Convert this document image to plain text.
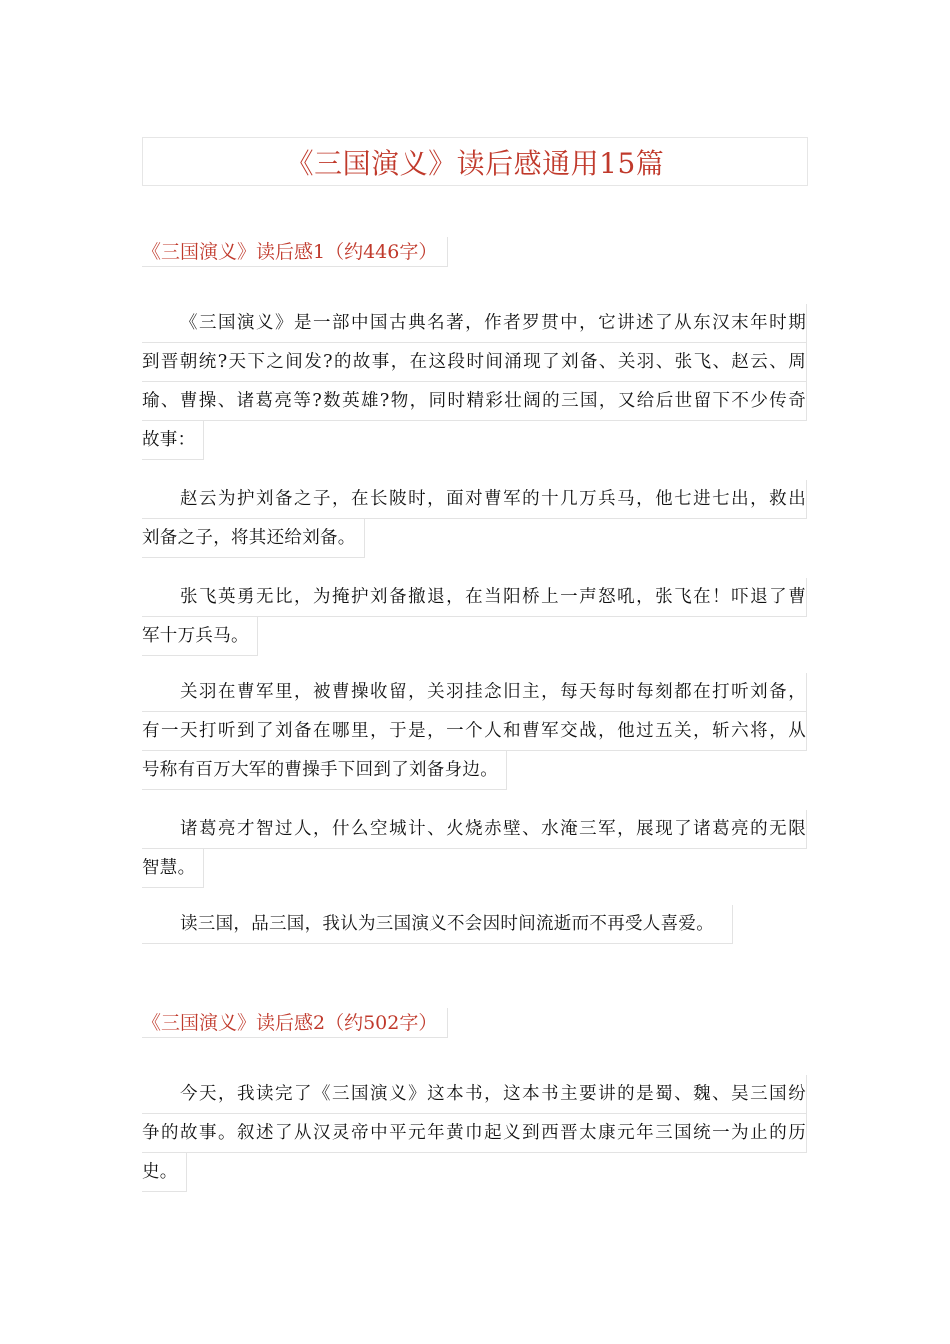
《三国演义》读后感通用15篇
《三国演义》读后感1（约446字）
《三国演义》是一部中国古典名著，作者罗贯中，它讲述了从东汉末年时期
到晋朝统?天下之间发?的故事，在这段时间涌现了刘备、关羽、张飞、赵云、周
瑜、曹操、诸葛亮等?数英雄?物，同时精彩壮阔的三国，又给后世留下不少传奇
故事：
赵云为护刘备之子，在长陂时，面对曹军的十几万兵马，他七进七出，救出
刘备之子，将其还给刘备。
张飞英勇无比，为掩护刘备撤退，在当阳桥上一声怒吼，张飞在！吓退了曹
军十万兵马。
关羽在曹军里，被曹操收留，关羽挂念旧主，每天每时每刻都在打听刘备，
有一天打听到了刘备在哪里，于是，一个人和曹军交战，他过五关，斩六将，从
号称有百万大军的曹操手下回到了刘备身边。
诸葛亮才智过人，什么空城计、火烧赤壁、水淹三军，展现了诸葛亮的无限
智慧。
读三国，品三国，我认为三国演义不会因时间流逝而不再受人喜爱。
《三国演义》读后感2（约502字）
今天，我读完了《三国演义》这本书，这本书主要讲的是蜀、魏、吴三国纷
争的故事。叙述了从汉灵帝中平元年黄巾起义到西晋太康元年三国统一为止的历
史。
